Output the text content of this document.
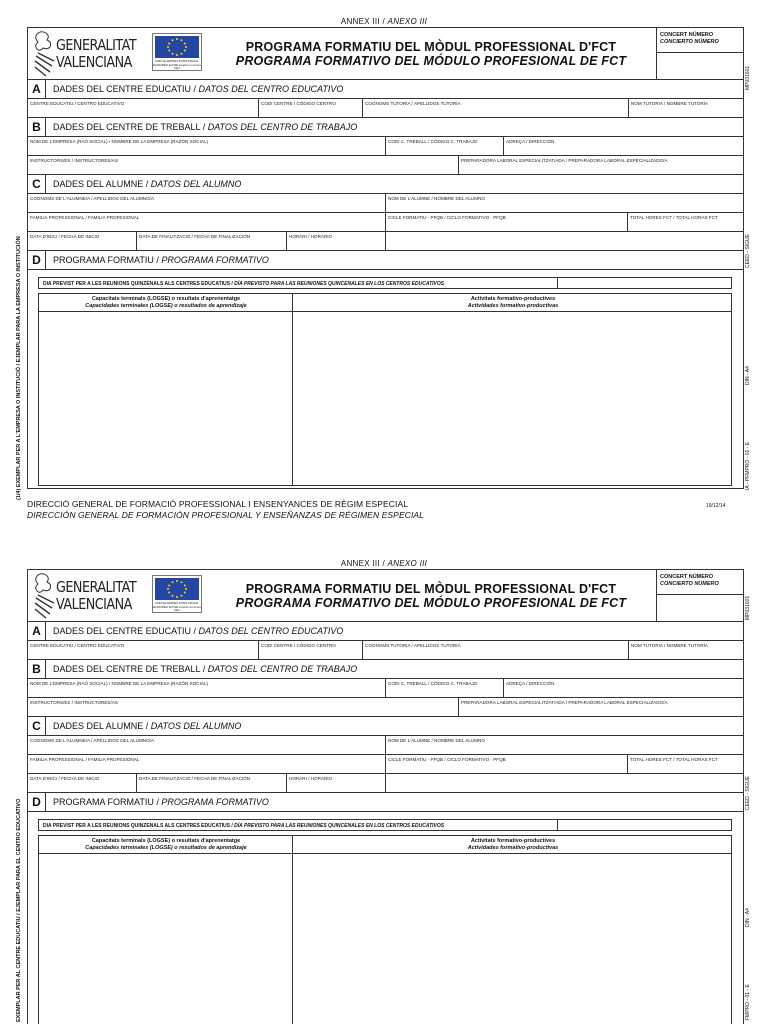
ANNEX III / ANEXO III
GENERALITAT
VALENCIANA	UNIÓ EUROPEA FONS SOCIAL EUROPEU El FSE invertix en el teu futur
PROGRAMA FORMATIU DEL MÒDUL PROFESSIONAL D'FCT
PROGRAMA FORMATIVO DEL MÓDULO PROFESIONAL DE FCT
CONCERT NÚMERO
CONCIERTO NÚMERO
A	DADES DEL CENTRE EDUCATIU / DATOS DEL CENTRO EDUCATIVO
CENTRE EDUCATIU / CENTRO EDUCATIVO	CODI CENTRE / CÓDIGO CENTRO	COGNOMS TUTORIA / APELLIDOS TUTORÍA	NOM TUTORIA / NOMBRE TUTORÍA
B	DADES DEL CENTRE DE TREBALL / DATOS DEL CENTRO DE TRABAJO
NOM DE L'EMPRESA (RAÓ SOCIAL) / NOMBRE DE LA EMPRESA (RAZÓN SOCIAL)	CODI C. TREBALL / CÓDIGO C. TRABAJO	ADREÇA / DIRECCIÓN
INSTRUCTORS/ES / INSTRUCTORES/AS	PREPARADORA LABORAL ESPECIALITZAT/ADA / PREPARADORA LABORAL ESPECIALIZADO/A
C	DADES DEL ALUMNE / DATOS DEL ALUMNO
COGNOMS DE L'ALUMNE/A / APELLIDOS DEL ALUMNO/A	NOM DE L'ALUMNE / NOMBRE DEL ALUMNO
FAMILIA PROFESSIONAL / FAMILIA PROFESIONAL	CICLE FORMATIU - PFQB / CICLO FORMATIVO - PFQB	TOTAL HORES FCT / TOTAL HORAS FCT
DATA D'INICI / FECHA DE INICIO	DATA DE FINALITZACIÓ / FECHA DE FINALIZACIÓN	HORARI / HORARIO
D	PROGRAMA FORMATIU / PROGRAMA FORMATIVO
DIA PREVIST PER A LES REUNIONS QUINZENALS ALS CENTRES EDUCATIUS / DÍA PREVISTO PARA LAS REUNIONES QUINCENALES EN LOS CENTROS EDUCATIVOS
Capacitats terminals (LOGSE) o resultats d'aprenentatge
Capacidades terminales (LOGSE) o resultados de aprendizaje
Activitats formativo-productives
Actividades formativo-productivas
DIRECCIÓ GENERAL DE FORMACIÓ PROFESSIONAL I ENSENYANCES DE RÈGIM ESPECIAL
DIRECCIÓN GENERAL DE FORMACIÓN PROFESIONAL Y ENSEÑANZAS DE RÉGIMEN ESPECIAL
19/12/14
(1/4) EXEMPLAR PER A L'EMPRESA O INSTITUCIÓ / EJEMPLAR PARA LA EMPRESA O INSTITUCIÓN
MP031601
CEED - SIGUE
DIN - A4
IA - PFMPRO - 01 - E
ANNEX III / ANEXO III
GENERALITAT
VALENCIANA	UNIÓ EUROPEA FONS SOCIAL EUROPEU El FSE invertix en el teu futur
PROGRAMA FORMATIU DEL MÒDUL PROFESSIONAL D'FCT
PROGRAMA FORMATIVO DEL MÓDULO PROFESIONAL DE FCT
CONCERT NÚMERO
CONCIERTO NÚMERO
A	DADES DEL CENTRE EDUCATIU / DATOS DEL CENTRO EDUCATIVO
CENTRE EDUCATIU / CENTRO EDUCATIVO	CODI CENTRE / CÓDIGO CENTRO	COGNOMS TUTORIA / APELLIDOS TUTORÍA	NOM TUTORIA / NOMBRE TUTORÍA
B	DADES DEL CENTRE DE TREBALL / DATOS DEL CENTRO DE TRABAJO
NOM DE L'EMPRESA (RAÓ SOCIAL) / NOMBRE DE LA EMPRESA (RAZÓN SOCIAL)	CODI C. TREBALL / CÓDIGO C. TRABAJO	ADREÇA / DIRECCIÓN
INSTRUCTORS/ES / INSTRUCTORES/AS	PREPARADORA LABORAL ESPECIALITZAT/ADA / PREPARADORA LABORAL ESPECIALIZADO/A
C	DADES DEL ALUMNE / DATOS DEL ALUMNO
COGNOMS DE L'ALUMNE/A / APELLIDOS DEL ALUMNO/A	NOM DE L'ALUMNE / NOMBRE DEL ALUMNO
FAMILIA PROFESSIONAL / FAMILIA PROFESIONAL	CICLE FORMATIU - PFQB / CICLO FORMATIVO - PFQB	TOTAL HORES FCT / TOTAL HORAS FCT
DATA D'INICI / FECHA DE INICIO	DATA DE FINALITZACIÓ / FECHA DE FINALIZACIÓN	HORARI / HORARIO
D	PROGRAMA FORMATIU / PROGRAMA FORMATIVO
DIA PREVIST PER A LES REUNIONS QUINZENALS ALS CENTRES EDUCATIUS / DÍA PREVISTO PARA LAS REUNIONES QUINCENALES EN LOS CENTROS EDUCATIVOS
Capacitats terminals (LOGSE) o resultats d'aprenentatge
Capacidades terminales (LOGSE) o resultados de aprendizaje
Activitats formativo-productives
Actividades formativo-productivas
EXEMPLAR PER AL CENTRE EDUCATIU / EJEMPLAR PARA EL CENTRO EDUCATIVO
MP031601
CEED - SIGUE
DIN - A4
FMPRO - 01 - E
